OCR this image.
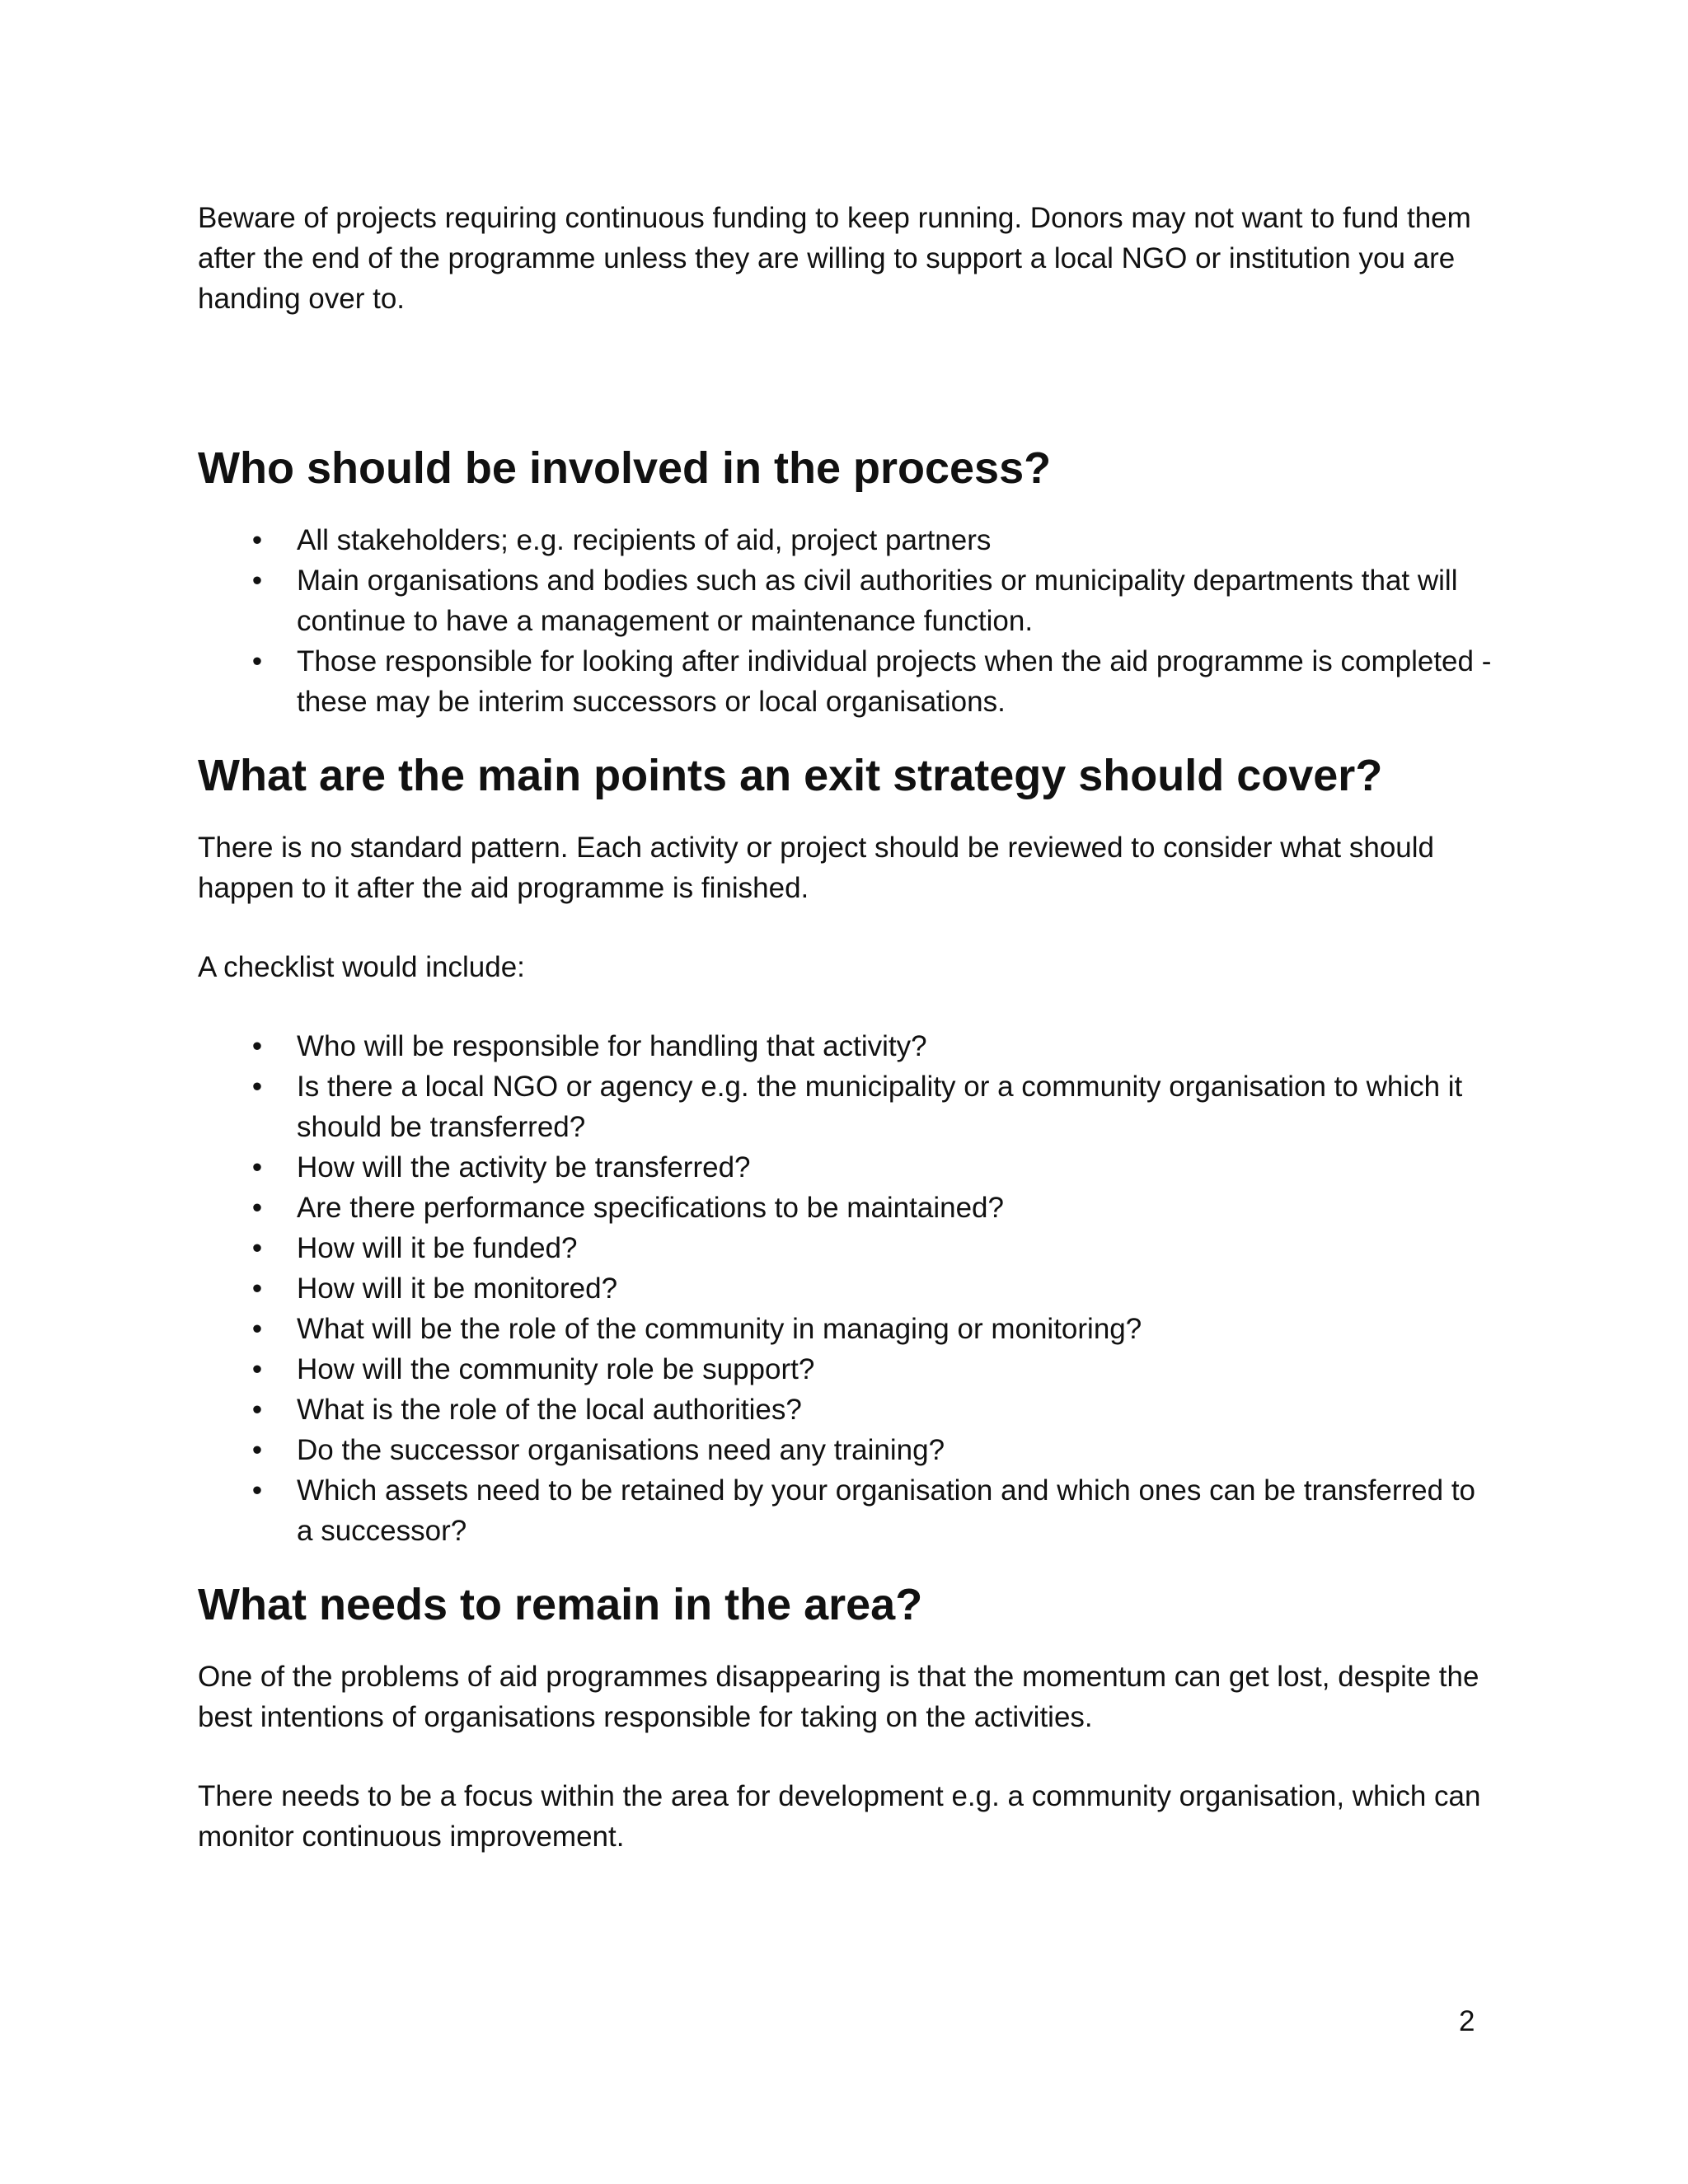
Beware of projects requiring continuous funding to keep running. Donors may not want to fund them after the end of the programme unless they are willing to support a local NGO or institution you are handing over to.

Who should be involved in the process?
• All stakeholders; e.g. recipients of aid, project partners
• Main organisations and bodies such as civil authorities or municipality departments that will continue to have a management or maintenance function.
• Those responsible for looking after individual projects when the aid programme is completed - these may be interim successors or local organisations.
What are the main points an exit strategy should cover?

There is no standard pattern. Each activity or project should be reviewed to consider what should happen to it after the aid programme is finished.

A checklist would include:

• Who will be responsible for handling that activity?
• Is there a local NGO or agency e.g. the municipality or a community organisation to which it should be transferred?
• How will the activity be transferred?
• Are there performance specifications to be maintained?
• How will it be funded?
• How will it be monitored?
• What will be the role of the community in managing or monitoring?
• How will the community role be support?
• What is the role of the local authorities?
• Do the successor organisations need any training?
• Which assets need to be retained by your organisation and which ones can be transferred to a successor?
What needs to remain in the area?

One of the problems of aid programmes disappearing is that the momentum can get lost, despite the best intentions of organisations responsible for taking on the activities.

There needs to be a focus within the area for development e.g. a community organisation, which can monitor continuous improvement.

2
